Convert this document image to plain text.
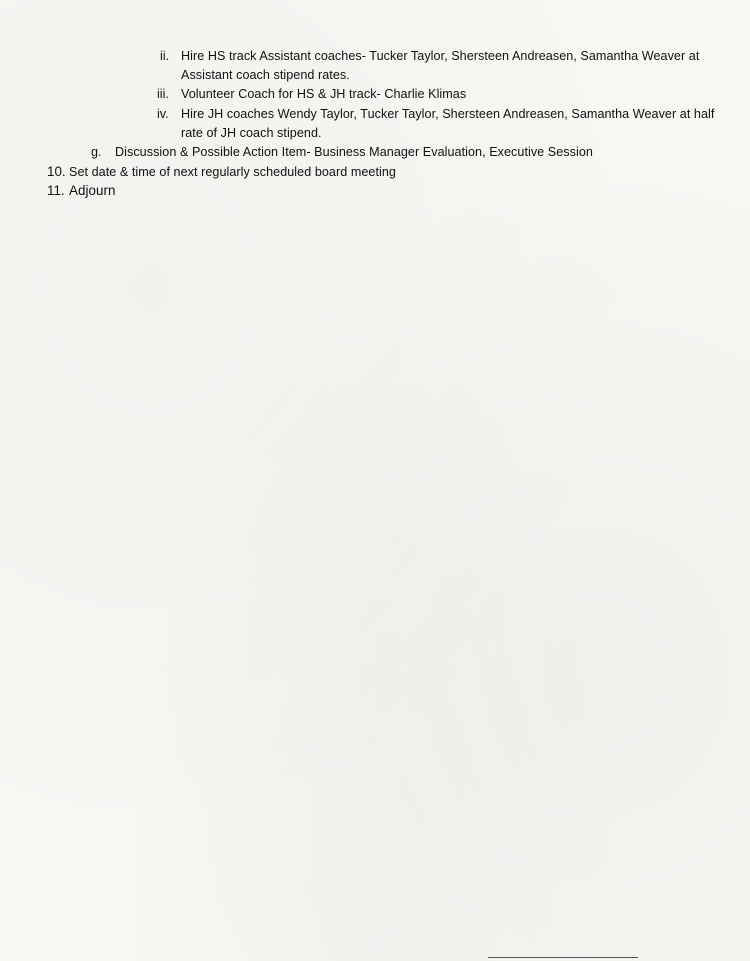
ii. Hire HS track Assistant coaches- Tucker Taylor, Shersteen Andreasen, Samantha Weaver at
Assistant coach stipend rates.
iii. Volunteer Coach for HS & JH track- Charlie Klimas
iv. Hire JH coaches Wendy Taylor, Tucker Taylor, Shersteen Andreasen, Samantha Weaver at half
rate of JH coach stipend.
g. Discussion & Possible Action Item- Business Manager Evaluation, Executive Session
10. Set date & time of next regularly scheduled board meeting
11. Adjourn
